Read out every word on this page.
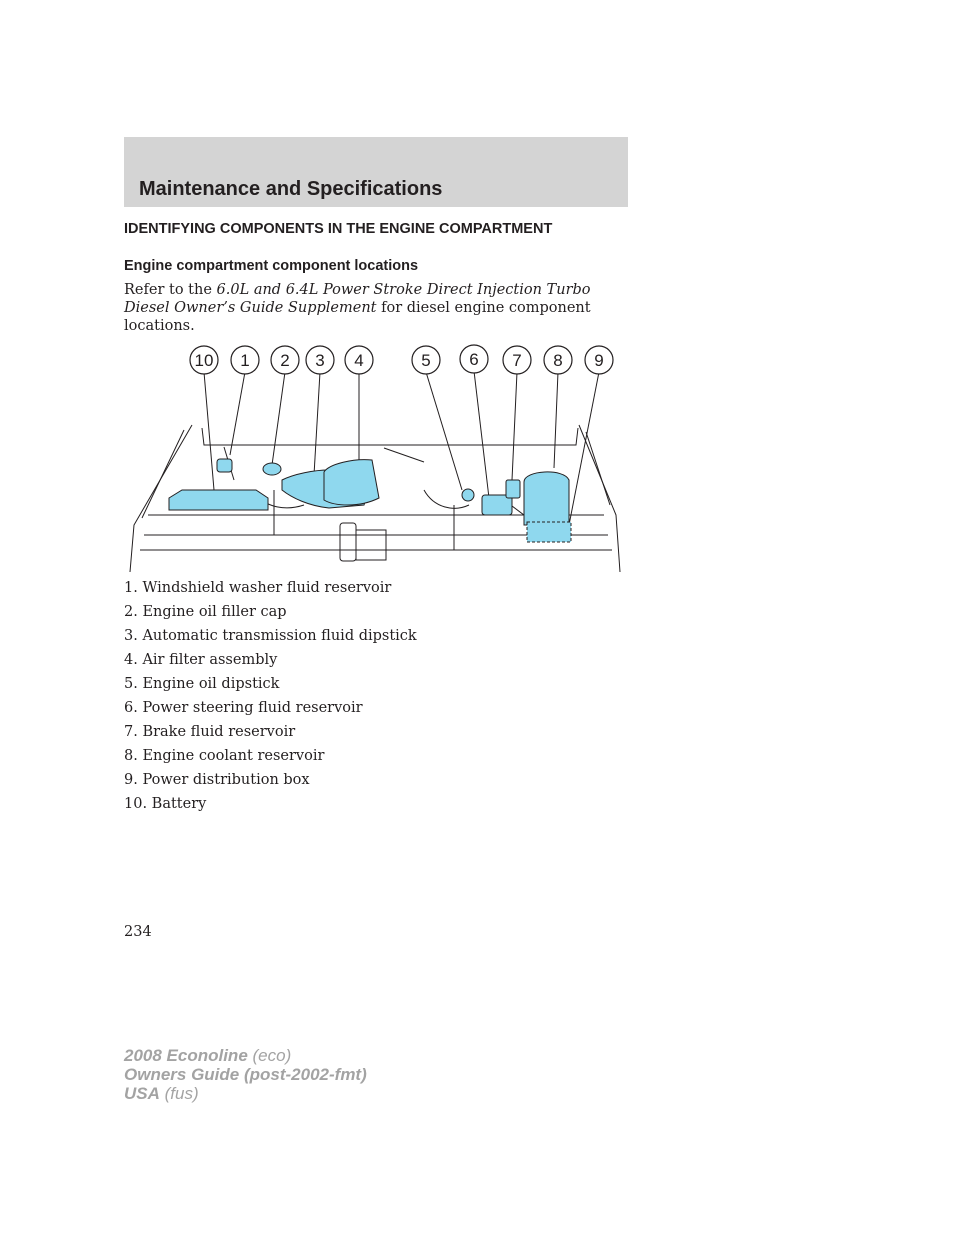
Maintenance and Specifications
IDENTIFYING COMPONENTS IN THE ENGINE COMPARTMENT
Engine compartment component locations

Refer to the 6.0L and 6.4L Power Stroke Direct Injection Turbo Diesel Owner’s Guide Supplement for diesel engine component locations.

10 1 2 3 4	5 6 7 8 9
1. Windshield washer fluid reservoir
2. Engine oil filler cap
3. Automatic transmission fluid dipstick
4. Air filter assembly
5. Engine oil dipstick
6. Power steering fluid reservoir
7. Brake fluid reservoir
8. Engine coolant reservoir
9. Power distribution box
10. Battery

234

2008 Econoline (eco)
Owners Guide (post-2002-fmt)
USA (fus)
